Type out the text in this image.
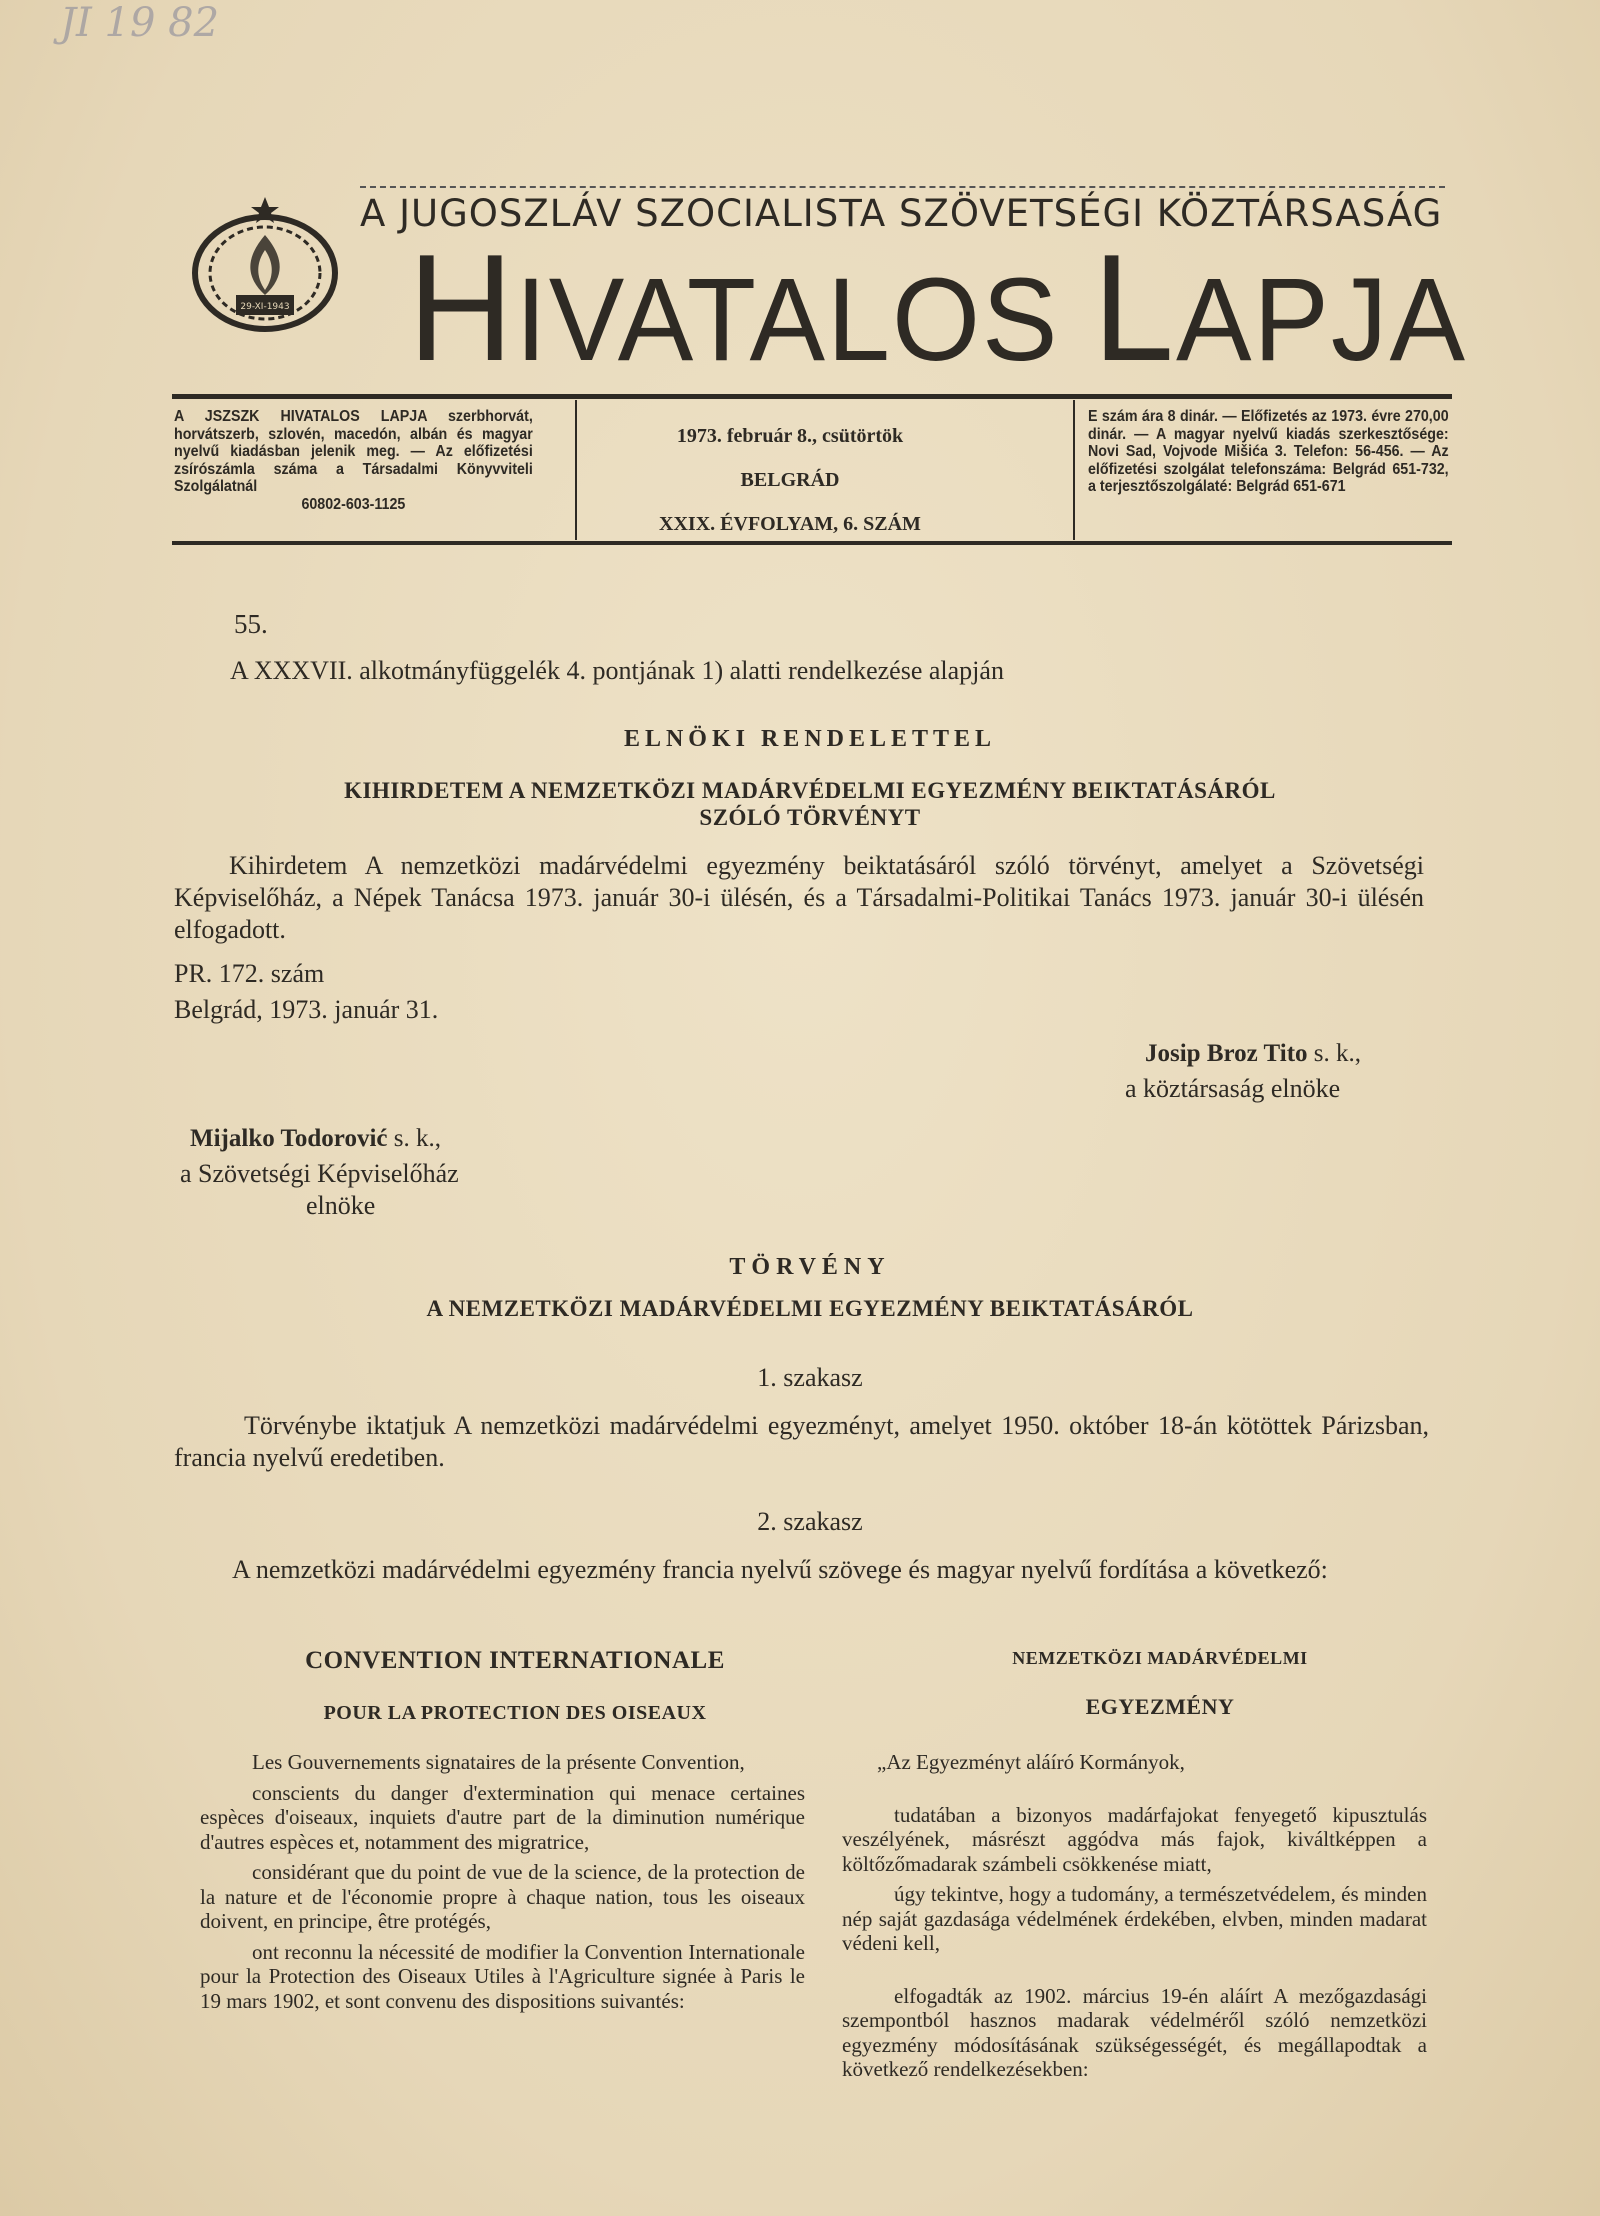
JI 19 82
A JUGOSZLÁV SZOCIALISTA SZÖVETSÉGI KÖZTÁRSASÁG
29-XI-1943 HIVATALOS LAPJA
A JSZSZK HIVATALOS LAPJA szerbhorvát, horvátszerb, szlovén, macedón, albán és magyar nyelvű kiadásban jelenik meg. — Az előfizetési zsírószámla száma a Társadalmi Könyvviteli Szolgálatnál
60802-603-1125
1973. február 8., csütörtök
BELGRÁD
XXIX. ÉVFOLYAM, 6. SZÁM
E szám ára 8 dinár. — Előfizetés az 1973. évre 270,00 dinár. — A magyar nyelvű kiadás szerkesztősége: Novi Sad, Vojvode Mišića 3. Telefon: 56-456. — Az előfizetési szolgálat telefonszáma: Belgrád 651-732, a terjesztőszolgálaté: Belgrád 651-671
55.
A XXXVII. alkotmányfüggelék 4. pontjának 1) alatti rendelkezése alapján
ELNÖKI RENDELETTEL
KIHIRDETEM A NEMZETKÖZI MADÁRVÉDELMI EGYEZMÉNY BEIKTATÁSÁRÓL
SZÓLÓ TÖRVÉNYT
Kihirdetem A nemzetközi madárvédelmi egyezmény beiktatásáról szóló törvényt, amelyet a Szövetségi Képviselőház, a Népek Tanácsa 1973. január 30-i ülésén, és a Társadalmi-Politikai Tanács 1973. január 30-i ülésén elfogadott.
PR. 172. szám
Belgrád, 1973. január 31.
Josip Broz Tito s. k.,
a köztársaság elnöke
Mijalko Todorović s. k.,
a Szövetségi Képviselőház
elnöke
TÖRVÉNY
A NEMZETKÖZI MADÁRVÉDELMI EGYEZMÉNY BEIKTATÁSÁRÓL
1. szakasz
Törvénybe iktatjuk A nemzetközi madárvédelmi egyezményt, amelyet 1950. október 18-án kötöttek Párizsban, francia nyelvű eredetiben.
2. szakasz
A nemzetközi madárvédelmi egyezmény francia nyelvű szövege és magyar nyelvű fordítása a következő:
CONVENTION INTERNATIONALE
POUR LA PROTECTION DES OISEAUX

Les Gouvernements signataires de la présente Convention,

conscients du danger d'extermination qui menace certaines espèces d'oiseaux, inquiets d'autre part de la diminution numérique d'autres espèces et, notamment des migratrice,

considérant que du point de vue de la science, de la protection de la nature et de l'économie propre à chaque nation, tous les oiseaux doivent, en principe, être protégés,

ont reconnu la nécessité de modifier la Convention Internationale pour la Protection des Oiseaux Utiles à l'Agriculture signée à Paris le 19 mars 1902, et sont convenu des dispositions suivantés:

NEMZETKÖZI MADÁRVÉDELMI
EGYEZMÉNY

„Az Egyezményt aláíró Kormányok,

tudatában a bizonyos madárfajokat fenyegető kipusztulás veszélyének, másrészt aggódva más fajok, kiváltképpen a költőzőmadarak számbeli csökkenése miatt,

úgy tekintve, hogy a tudomány, a természetvédelem, és minden nép saját gazdasága védelmének érdekében, elvben, minden madarat védeni kell,

elfogadták az 1902. március 19-én aláírt A mezőgazdasági szempontból hasznos madarak védelméről szóló nemzetközi egyezmény módosításának szükségességét, és megállapodtak a következő rendelkezésekben:
